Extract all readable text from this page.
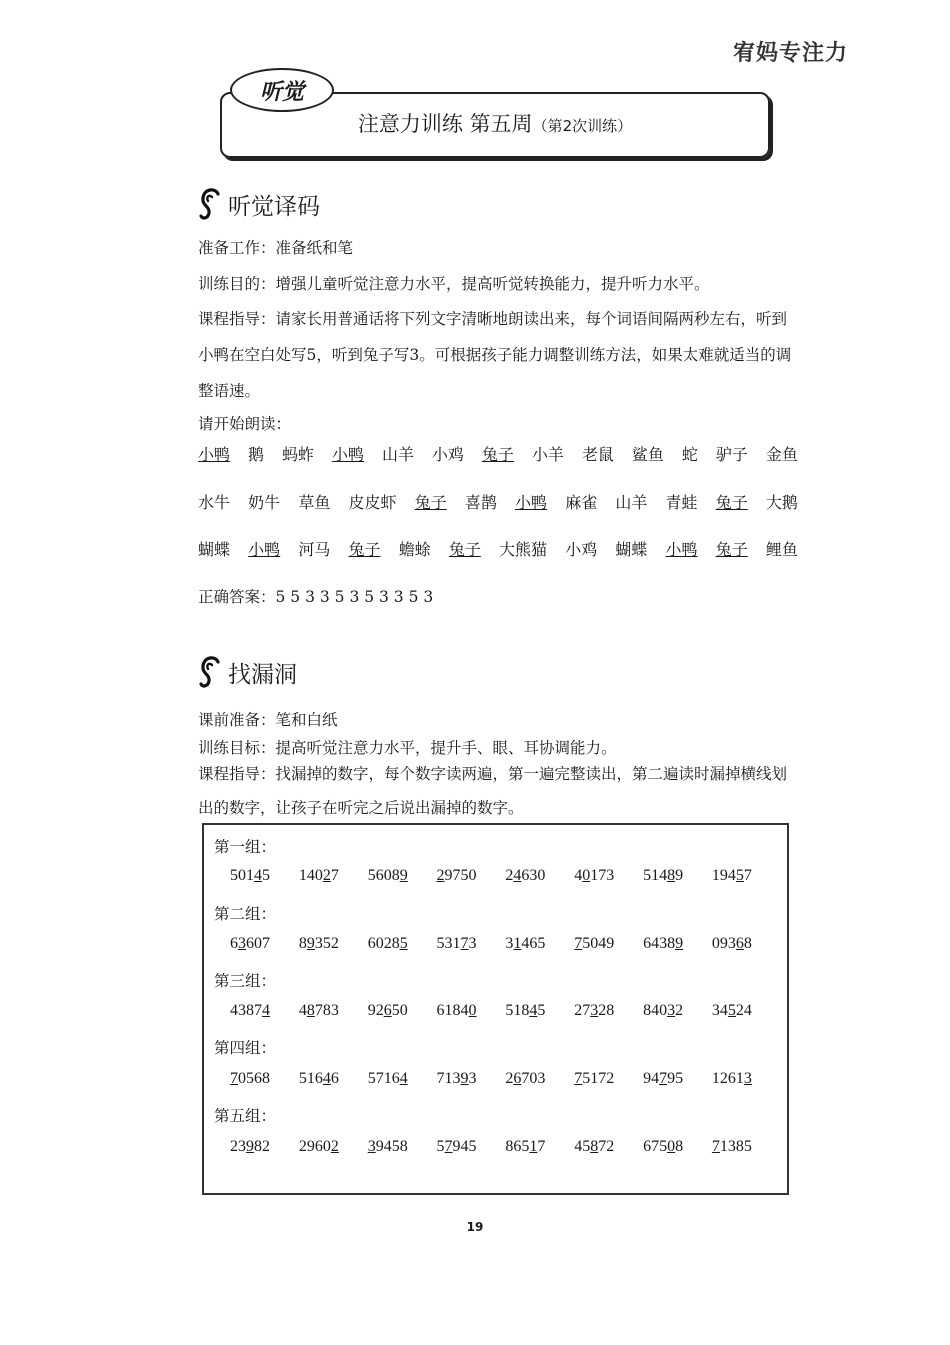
宥妈专注力
听觉
注意力训练 第五周（第2次训练）
听觉译码
准备工作：准备纸和笔
训练目的：增强儿童听觉注意力水平，提高听觉转换能力，提升听力水平。
课程指导：请家长用普通话将下列文字清晰地朗读出来，每个词语间隔两秒左右，听到小鸭在空白处写5，听到兔子写3。可根据孩子能力调整训练方法，如果太难就适当的调整语速。
请开始朗读：
小鸭 鹅 蚂蚱 小鸭 山羊 小鸡 兔子 小羊 老鼠 鲨鱼 蛇 驴子 金鱼
水牛 奶牛 草鱼 皮皮虾 兔子 喜鹊 小鸭 麻雀 山羊 青蛙 兔子 大鹅
蝴蝶 小鸭 河马 兔子 蟾蜍 兔子 大熊猫 小鸡 蝴蝶 小鸭 兔子 鲤鱼
正确答案：5 5 3 3 5 3 5 3 3 5 3
找漏洞
课前准备：笔和白纸
训练目标：提高听觉注意力水平，提升手、眼、耳协调能力。
课程指导：找漏掉的数字，每个数字读两遍，第一遍完整读出，第二遍读时漏掉横线划出的数字，让孩子在听完之后说出漏掉的数字。
第一组：
50145 14027 56089 29750 24630 40173 51489 19457
第二组：
63607 89352 60285 53173 31465 75049 64389 09368
第三组：
43874 48783 92650 61840 51845 27328 84032 34524
第四组：
70568 51646 57164 71393 26703 75172 94795 12613
第五组：
23982 29602 39458 57945 86517 45872 67508 71385
19
